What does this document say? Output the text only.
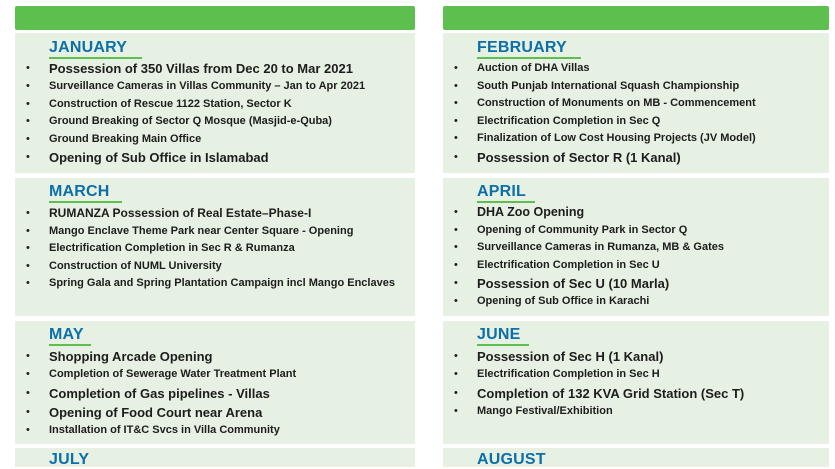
JANUARY
• Possession of 350 Villas from Dec 20 to Mar 2021
• Surveillance Cameras in Villas Community – Jan to Apr 2021
• Construction of Rescue 1122 Station, Sector K
• Ground Breaking of Sector Q Mosque (Masjid-e-Quba)
• Ground Breaking Main Office
• Opening of Sub Office in Islamabad
MARCH
• RUMANZA Possession of Real Estate–Phase-I
• Mango Enclave Theme Park near Center Square - Opening
• Electrification Completion in Sec R & Rumanza
• Construction of NUML University
• Spring Gala and Spring Plantation Campaign incl Mango Enclaves
MAY
• Shopping Arcade Opening
• Completion of Sewerage Water Treatment Plant
• Completion of Gas pipelines - Villas
• Opening of Food Court near Arena
• Installation of IT&C Svcs in Villa Community
JULY
FEBRUARY
• Auction of DHA Villas
• South Punjab International Squash Championship
• Construction of Monuments on MB - Commencement
• Electrification Completion in Sec Q
• Finalization of Low Cost Housing Projects (JV Model)
• Possession of Sector R (1 Kanal)
APRIL
• DHA Zoo Opening
• Opening of Community Park in Sector Q
• Surveillance Cameras in Rumanza, MB & Gates
• Electrification Completion in Sec U
• Possession of Sec U (10 Marla)
• Opening of Sub Office in Karachi
JUNE
• Possession of Sec H (1 Kanal)
• Electrification Completion in Sec H
• Completion of 132 KVA Grid Station (Sec T)
• Mango Festival/Exhibition
AUGUST
